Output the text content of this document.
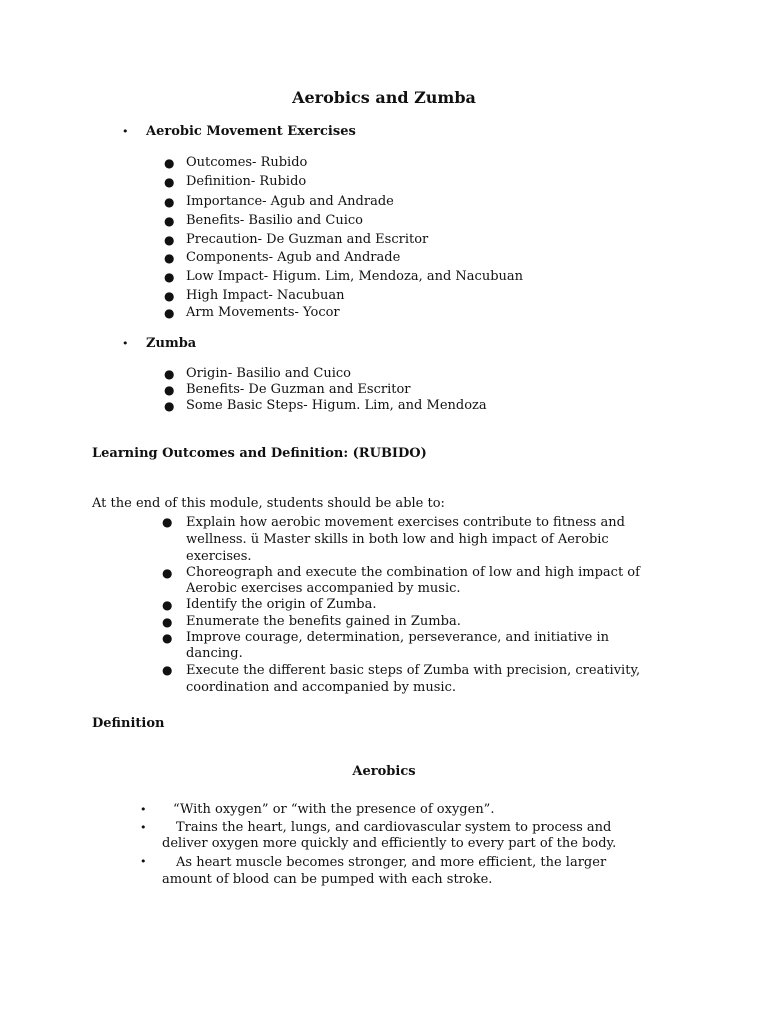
Aerobics and Zumba
• Aerobic Movement Exercises
● Outcomes- Rubido
● Definition- Rubido
● Importance- Agub and Andrade
● Benefits- Basilio and Cuico
● Precaution- De Guzman and Escritor
● Components- Agub and Andrade
● Low Impact- Higum. Lim, Mendoza, and Nacubuan
● High Impact- Nacubuan
● Arm Movements- Yocor
• Zumba
● Origin- Basilio and Cuico
● Benefits- De Guzman and Escritor
● Some Basic Steps- Higum. Lim, and Mendoza
Learning Outcomes and Definition: (RUBIDO)
At the end of this module, students should be able to:
● Explain how aerobic movement exercises contribute to fitness and wellness. ü Master skills in both low and high impact of Aerobic exercises.
● Choreograph and execute the combination of low and high impact of Aerobic exercises accompanied by music.
● Identify the origin of Zumba.
● Enumerate the benefits gained in Zumba.
● Improve courage, determination, perseverance, and initiative in dancing.
● Execute the different basic steps of Zumba with precision, creativity, coordination and accompanied by music.
Definition
Aerobics
• “With oxygen” or “with the presence of oxygen”.
•	Trains the heart, lungs, and cardiovascular system to process and deliver oxygen more quickly and efficiently to every part of the body.
•	As heart muscle becomes stronger, and more efficient, the larger amount of blood can be pumped with each stroke.
